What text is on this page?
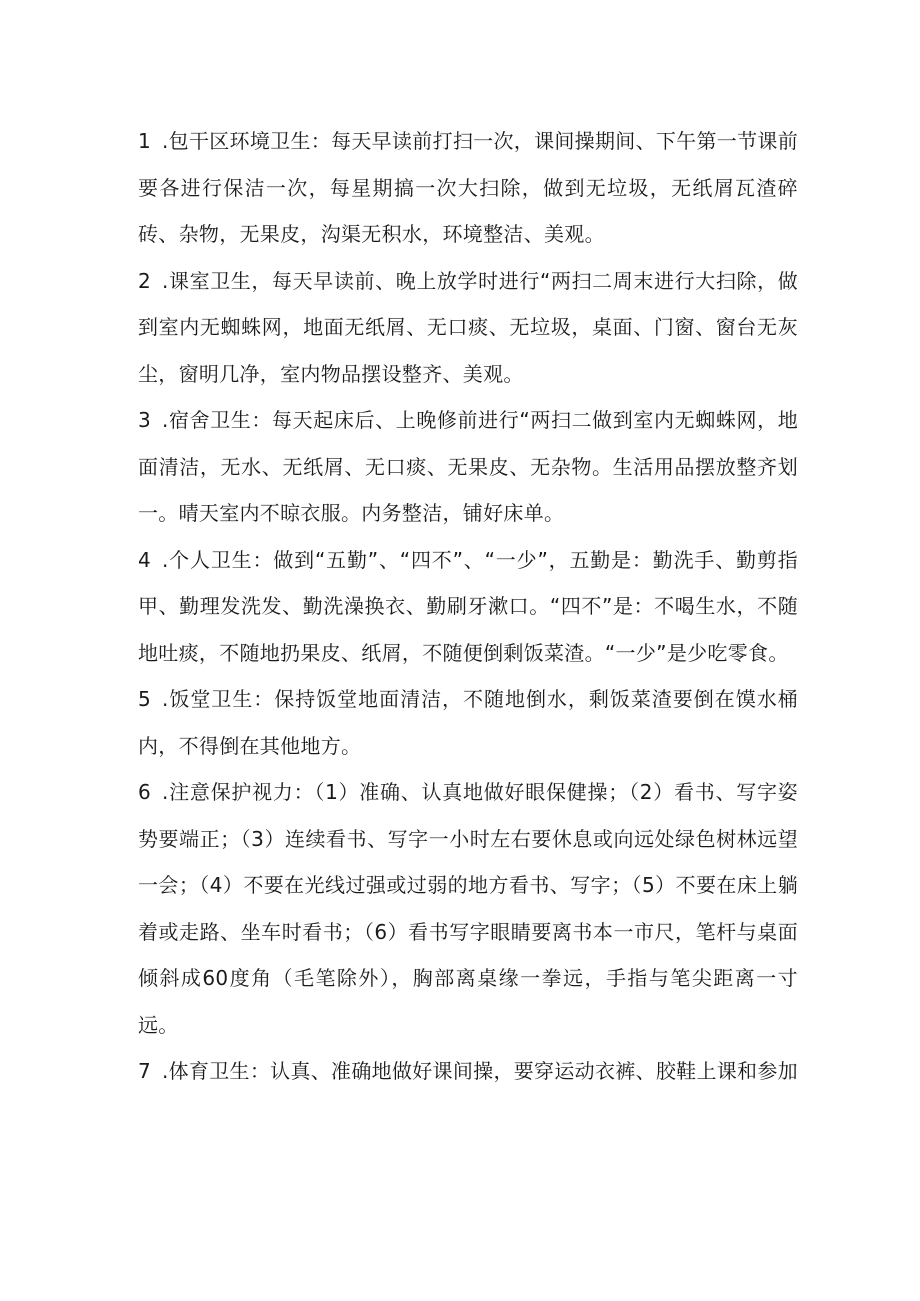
1 .包干区环境卫生：每天早读前打扫一次，课间操期间、下午第一节课前要各进行保洁一次，每星期搞一次大扫除，做到无垃圾，无纸屑瓦渣碎砖、杂物，无果皮，沟渠无积水，环境整洁、美观。

2 .课室卫生，每天早读前、晚上放学时进行“两扫二周末进行大扫除，做到室内无蜘蛛网，地面无纸屑、无口痰、无垃圾，桌面、门窗、窗台无灰尘，窗明几净，室内物品摆设整齐、美观。

3 .宿舍卫生：每天起床后、上晚修前进行“两扫二做到室内无蜘蛛网，地面清洁，无水、无纸屑、无口痰、无果皮、无杂物。生活用品摆放整齐划一。晴天室内不晾衣服。内务整洁，铺好床单。

4 .个人卫生：做到“五勤”、“四不”、“一少”，五勤是：勤洗手、勤剪指甲、勤理发洗发、勤洗澡换衣、勤刷牙漱口。“四不”是：不喝生水，不随地吐痰，不随地扔果皮、纸屑，不随便倒剩饭菜渣。“一少”是少吃零食。

5 .饭堂卫生：保持饭堂地面清洁，不随地倒水，剩饭菜渣要倒在馍水桶内，不得倒在其他地方。

6 .注意保护视力：（1）准确、认真地做好眼保健操；（2）看书、写字姿势要端正；（3）连续看书、写字一小时左右要休息或向远处绿色树林远望一会；（4）不要在光线过强或过弱的地方看书、写字；（5）不要在床上躺着或走路、坐车时看书；（6）看书写字眼睛要离书本一市尺，笔杆与桌面倾斜成60度角（毛笔除外），胸部离桌缘一拳远，手指与笔尖距离一寸远。

7 .体育卫生：认真、准确地做好课间操，要穿运动衣裤、胶鞋上课和参加
